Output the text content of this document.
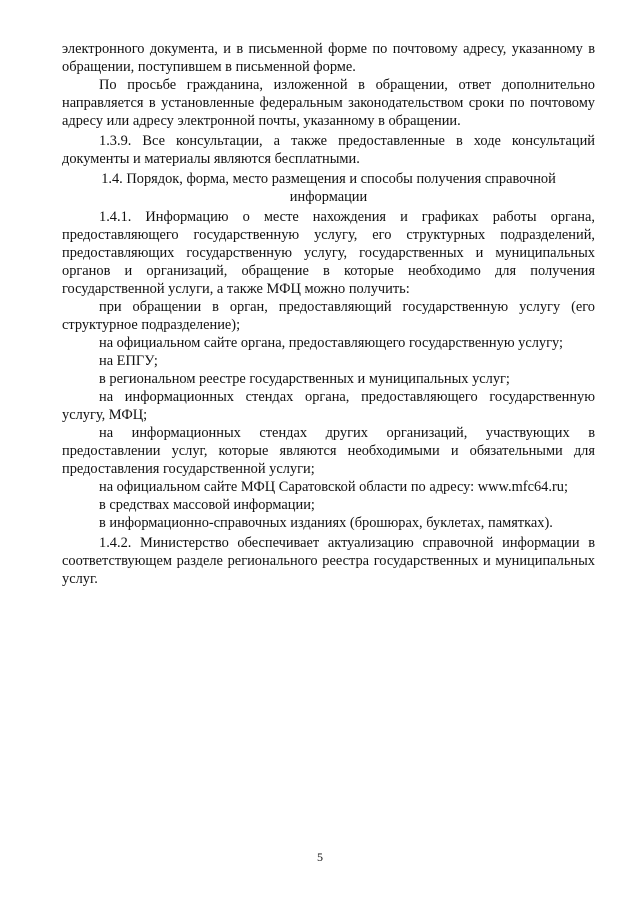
электронного документа, и в письменной форме по почтовому адресу, указанному в обращении, поступившем в письменной форме.

По просьбе гражданина, изложенной в обращении, ответ дополнительно направляется в установленные федеральным законодательством сроки по почтовому адресу или адресу электронной почты, указанному в обращении.

1.3.9. Все консультации, а также предоставленные в ходе консультаций документы и материалы являются бесплатными.

1.4. Порядок, форма, место размещения и способы получения справочной информации

1.4.1. Информацию о месте нахождения и графиках работы органа, предоставляющего государственную услугу, его структурных подразделений, предоставляющих государственную услугу, государственных и муниципальных органов и организаций, обращение в которые необходимо для получения государственной услуги, а также МФЦ можно получить:

при обращении в орган, предоставляющий государственную услугу (его структурное подразделение);

на официальном сайте органа, предоставляющего государственную услугу;

на ЕПГУ;

в региональном реестре государственных и муниципальных услуг;

на информационных стендах органа, предоставляющего государственную услугу, МФЦ;

на информационных стендах других организаций, участвующих в предоставлении услуг, которые являются необходимыми и обязательными для предоставления государственной услуги;

на официальном сайте МФЦ Саратовской области по адресу: www.mfc64.ru;

в средствах массовой информации;

в информационно-справочных изданиях (брошюрах, буклетах, памятках).

1.4.2. Министерство обеспечивает актуализацию справочной информации в соответствующем разделе регионального реестра государственных и муниципальных услуг.

5
